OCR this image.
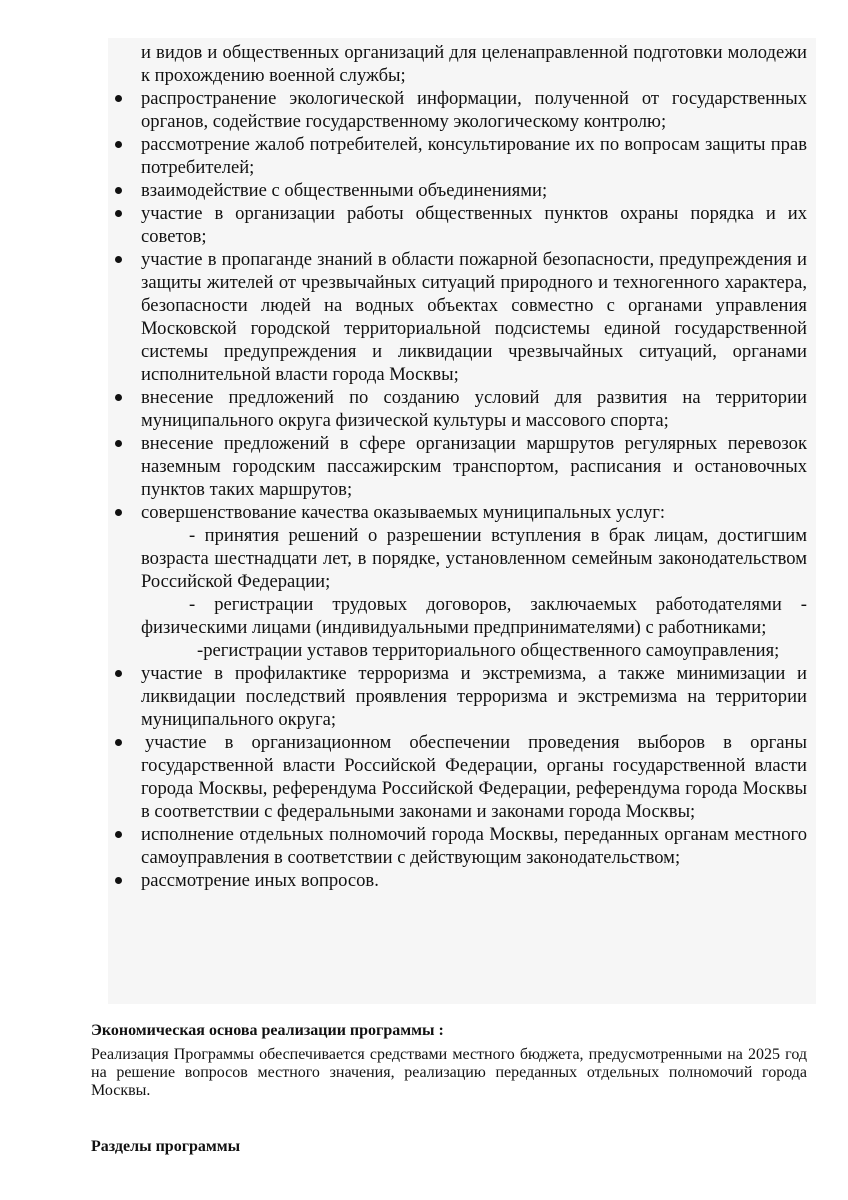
и видов и общественных организаций для целенаправленной подготовки молодежи к прохождению военной службы;
распространение экологической информации, полученной от государственных органов, содействие государственному экологическому контролю;
рассмотрение жалоб потребителей, консультирование их по вопросам защиты прав потребителей;
взаимодействие с общественными объединениями;
участие в организации работы общественных пунктов охраны порядка и их советов;
участие в пропаганде знаний в области пожарной безопасности, предупреждения и защиты жителей от чрезвычайных ситуаций природного и техногенного характера, безопасности людей на водных объектах совместно с органами управления Московской городской территориальной подсистемы единой государственной системы предупреждения и ликвидации чрезвычайных ситуаций, органами исполнительной власти города Москвы;
внесение предложений по созданию условий для развития на территории муниципального округа физической культуры и массового спорта;
внесение предложений в сфере организации маршрутов регулярных перевозок наземным городским пассажирским транспортом, расписания и остановочных пунктов таких маршрутов;
совершенствование качества оказываемых муниципальных услуг:
- принятия решений о разрешении вступления в брак лицам, достигшим возраста шестнадцати лет, в порядке, установленном семейным законодательством Российской Федерации;
- регистрации трудовых договоров, заключаемых работодателями - физическими лицами (индивидуальными предпринимателями) с работниками;
-регистрации уставов территориального общественного самоуправления;
участие в профилактике терроризма и экстремизма, а также минимизации и ликвидации последствий проявления терроризма и экстремизма на территории муниципального округа;
участие в организационном обеспечении проведения выборов в органы государственной власти Российской Федерации, органы государственной власти города Москвы, референдума Российской Федерации, референдума города Москвы в соответствии с федеральными законами и законами города Москвы;
исполнение отдельных полномочий города Москвы, переданных органам местного самоуправления в соответствии с действующим законодательством;
рассмотрение иных вопросов.
Экономическая основа реализации программы :
Реализация Программы обеспечивается средствами местного бюджета, предусмотренными на 2025 год на решение вопросов местного значения, реализацию переданных отдельных полномочий города Москвы.
Разделы программы
